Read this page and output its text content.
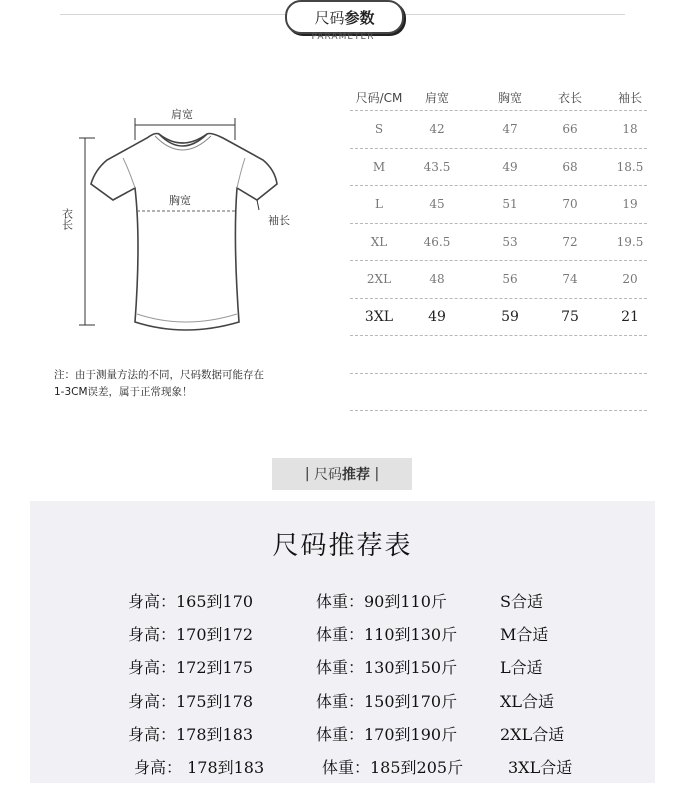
尺码 参数
PARAMETER
肩宽
衣长
胸宽
袖长
注：由于测量方法的不同，尺码数据可能存在
1-3CM误差，属于正常现象！
尺码/CM	肩宽	胸宽	衣长	袖长
S	42	47	66	18
M	43.5	49	68	18.5
L	45	51	70	19
XL	46.5	53	72	19.5
2XL	48	56	74	20
3XL	49	59	75	21
| 尺码 推荐 |
尺码推荐表
身高：165到170	体重：90到110斤	S合适
身高：170到172	体重：110到130斤	M合适
身高：172到175	体重：130到150斤	L合适
身高：175到178	体重：150到170斤	XL合适
身高：178到183	体重：170到190斤	2XL合适
身高： 178到183	体重：185到205斤	3XL合适
